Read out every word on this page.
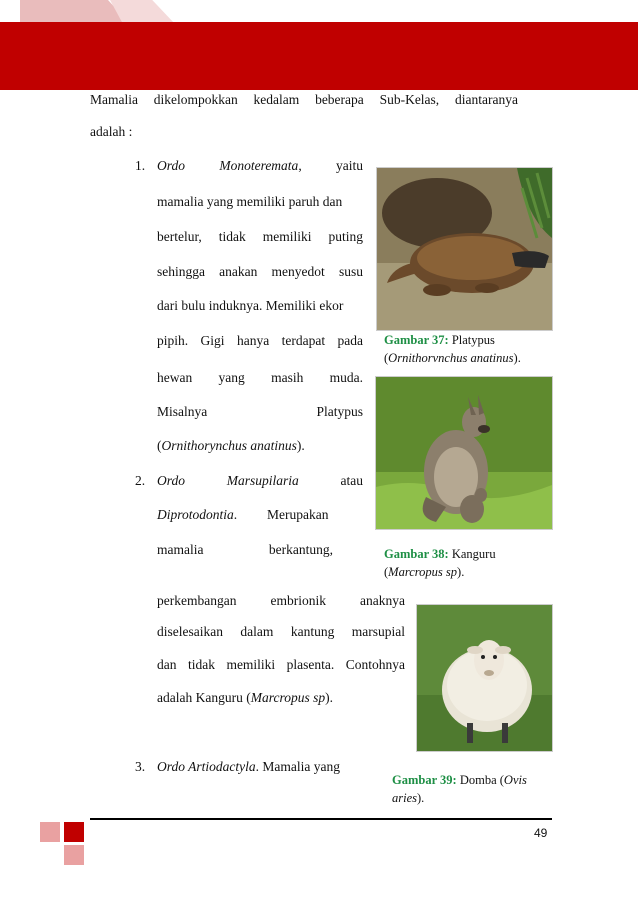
Mamalia dikelompokkan kedalam beberapa Sub-Kelas, diantaranya
adalah :
1. Ordo	Monoteremata,	yaitu
mamalia yang memiliki paruh dan
bertelur, tidak memiliki puting
sehingga anakan menyedot susu
dari bulu induknya. Memiliki ekor
pipih. Gigi hanya terdapat pada
hewan yang masih muda.
Misalnya	Platypus
(Ornithorynchus anatinus).
2. Ordo	Marsupilaria	atau
Diprotodontia. Merupakan
mamalia	berkantung,
perkembangan	embrionik	anaknya
diselesaikan dalam kantung marsupial
dan tidak memiliki plasenta. Contohnya
adalah Kanguru (Marcropus sp).
3. Ordo Artiodactyla. Mamalia yang
Gambar 37: Platypus
(Ornithorvnchus anatinus).
Gambar 38: Kanguru
(Marcropus sp).
Gambar 39: Domba (Ovis
aries).
49
